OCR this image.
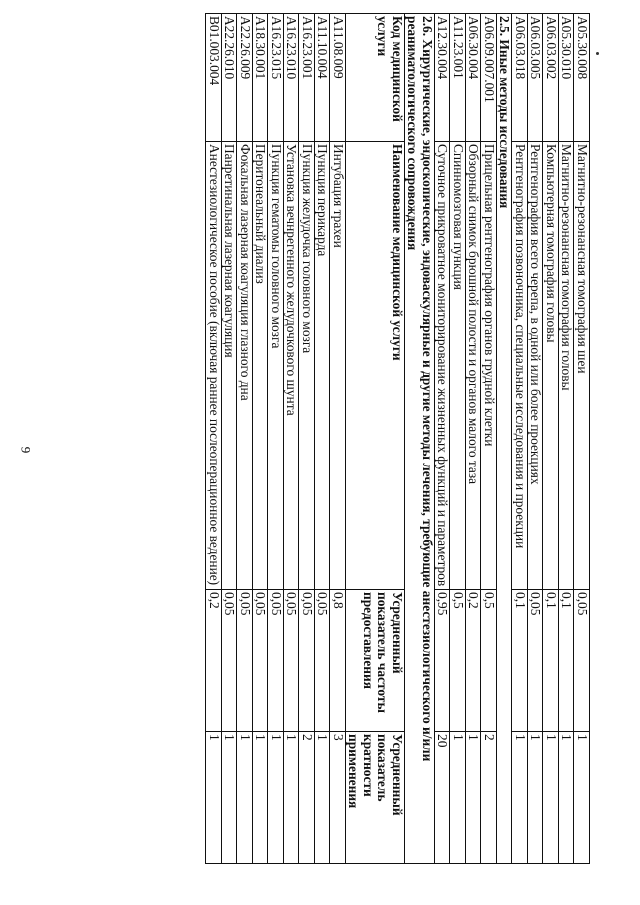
9
A05.30.008	Магнитно-резонансная томография шеи	0,05	1
A05.30.010	Магнитно-резонансная томография головы	0,1	1
A06.03.002	Компьютерная томография головы	0,1	1
A06.03.005	Рентгенография всего черепа, в одной или более проекциях	0,05	1
A06.03.018	Рентгенография позвоночника, специальные исследования и проекции	0,1	1
2.5. Иные методы исследования			
A06.09.007.001	Прицельная рентгенография органов грудной клетки	0,5	2
A06.30.004	Обзорный снимок брюшной полости и органов малого таза	0,2	1
A11.23.001	Спинномозговая пункция	0,5	1
A12.30.004	Суточное прикроватное мониторирование жизненных функций и параметров	0,95	20
2.6. Хирургические, эндоскопические, эндоваскулярные и другие методы лечения, требующие анестезиологического и/или реаниматологического сопровождения			
Код медицинской услуги	Наименование медицинской услуги	Усредненный показатель частоты предоставления	Усредненный показатель кратности применения
A11.08.009	Интубация трахеи	0,8	3
A11.10.004	Пункция перикарда	0,05	1
A16.23.001	Пункция желудочка головного мозга	0,05	2
A16.23.010	Установка вечнрегенного желудочкового шунта	0,05	1
A16.23.015	Пункция гематомы головного мозга	0,05	1
A18.30.001	Перитонеальный диализ	0,05	1
A22.26.009	Фокальная лазерная коагуляция глазного дна	0,05	1
A22.26.010	Панретинальная лазерная коагуляция	0,05	1
B01.003.004	Анестезиологическое пособие (включая раннее послеоперационное ведение)	0,2	1
